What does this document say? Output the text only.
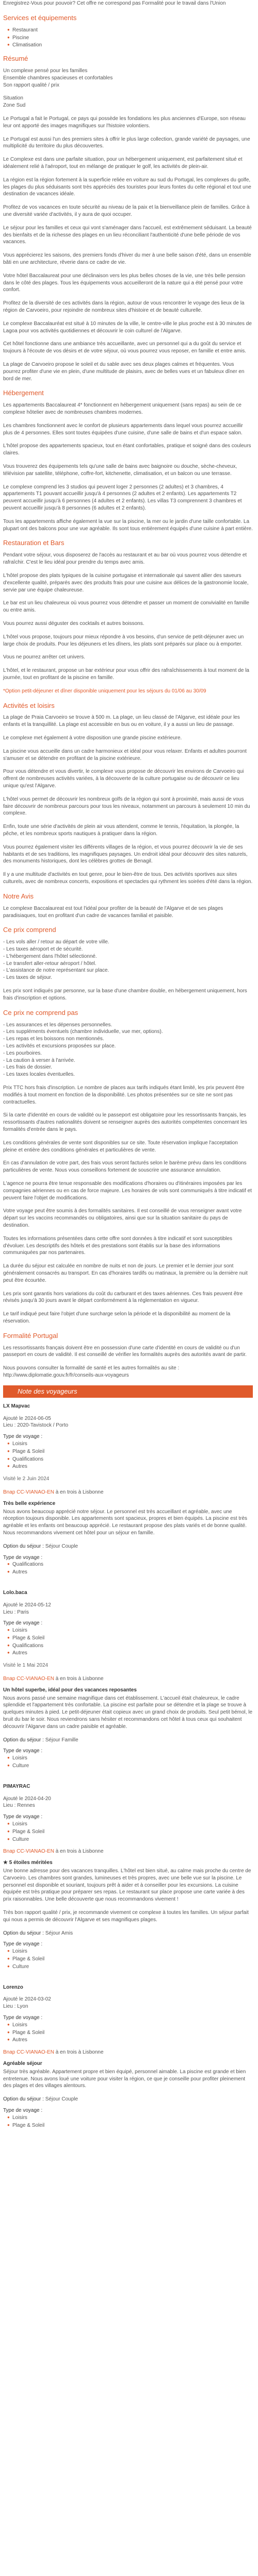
Enregistrez-Vous pour pouvoir? Cet offre ne correspond pas Formalité pour le travail dans l'Union

Services et équipements
● Restaurant
● Piscine
● Climatisation
Résumé

Un complexe pensé pour les familles
Ensemble chambres spacieuses et confortables
Son rapport qualité / prix

Situation
Zone Sud

Le Portugal a fait le Portugal, ce pays qui possède les fondations les plus anciennes d'Europe, son réseau leur ont apporté des images magnifiques sur l'histoire volontiers.

Le Portugal est aussi l'un des premiers sites à offrir le plus large collection, grande variété de paysages, une multiplicité du territoire du plus découvertes.

Le Complexe est dans une parfaite situation, pour un hébergement uniquement, est parfaitement situé et idéalement relié à l'aéroport, tout en mélange de pratiquer le golf, les activités de plein-air.

La région est la région fortement à la superficie reliée en voiture au sud du Portugal, les complexes du golfe, les plages du plus séduisants sont très appréciés des touristes pour leurs fontes du celte régional et tout une destination de vacances idéale.

Profitez de vos vacances en toute sécurité au niveau de la paix et la bienveillance plein de familles. Grâce à une diversité variée d'activités, il y aura de quoi occuper.

Le séjour pour les familles et ceux qui vont s'aménager dans l'accueil, est extrêmement séduisant. La beauté des bienfaits et de la richesse des plages en un lieu réconciliant l'authenticité d'une belle période de vos vacances.

Vous apprécierez les saisons, des premiers fonds d'hiver du mer à une belle saison d'été, dans un ensemble bâti en une architecture, rêverie dans ce cadre de vie.

Votre hôtel Baccalaureat pour une déclinaison vers les plus belles choses de la vie, une très belle pension dans le côté des plages. Tous les équipements vous accueilleront de la nature qui a été pensé pour votre confort.

Profitez de la diversité de ces activités dans la région, autour de vous rencontrer le voyage des lieux de la région de Carvoeiro, pour rejoindre de nombreux sites d'histoire et de beauté culturelle.

Le complexe Baccalauréat est situé à 10 minutes de la ville, le centre-ville le plus proche est à 30 minutes de Lagoa pour vos activités quotidiennes et découvrir le coin culturel de l'Algarve.

Cet hôtel fonctionne dans une ambiance très accueillante, avec un personnel qui a du goût du service et toujours à l'écoute de vos désirs et de votre séjour, où vous pourrez vous reposer, en famille et entre amis.

La plage de Carvoeiro propose le soleil et du sable avec ses deux plages calmes et fréquentes. Vous pourrez profiter d'une vie en plein, d'une multitude de plaisirs, avec de belles vues et un fabuleux dîner en bord de mer.

Hébergement

Les appartements Baccalaureat 4* fonctionnent en hébergement uniquement (sans repas) au sein de ce complexe hôtelier avec de nombreuses chambres modernes.

Les chambres fonctionnent avec le confort de plusieurs appartements dans lequel vous pourrez accueillir plus de 4 personnes. Elles sont toutes équipées d'une cuisine, d'une salle de bains et d'un espace salon.

L'hôtel propose des appartements spacieux, tout en étant confortables, pratique et soigné dans des couleurs claires.

Vous trouverez des équipements tels qu'une salle de bains avec baignoire ou douche, sèche-cheveux, télévision par satellite, téléphone, coffre-fort, kitchenette, climatisation, et un balcon ou une terrasse.

Le complexe comprend les 3 studios qui peuvent loger 2 personnes (2 adultes) et 3 chambres, 4 appartements T1 pouvant accueillir jusqu'à 4 personnes (2 adultes et 2 enfants). Les appartements T2 peuvent accueillir jusqu'à 6 personnes (4 adultes et 2 enfants). Les villas T3 comprennent 3 chambres et peuvent accueillir jusqu'à 8 personnes (6 adultes et 2 enfants).

Tous les appartements affiche également la vue sur la piscine, la mer ou le jardin d'une taille confortable. La plupart ont des balcons pour une vue agréable. Ils sont tous entièrement équipés d'une cuisine à part entière.

Restauration et Bars

Pendant votre séjour, vous disposerez de l'accès au restaurant et au bar où vous pourrez vous détendre et rafraîchir. C'est le lieu idéal pour prendre du temps avec amis.

L'hôtel propose des plats typiques de la cuisine portugaise et internationale qui savent allier des saveurs d'excellente qualité, préparés avec des produits frais pour une cuisine aux délices de la gastronomie locale, servie par une équipe chaleureuse.

Le bar est un lieu chaleureux où vous pourrez vous détendre et passer un moment de convivialité en famille ou entre amis.

Vous pourrez aussi déguster des cocktails et autres boissons.

L'hôtel vous propose, toujours pour mieux répondre à vos besoins, d'un service de petit-déjeuner avec un large choix de produits. Pour les déjeuners et les dîners, les plats sont préparés sur place ou à emporter.

Vous ne pourrez arrêter cet univers.

L'hôtel, et le restaurant, propose un bar extérieur pour vous offrir des rafraîchissements à tout moment de la journée, tout en profitant de la piscine en famille.

*Option petit-déjeuner et dîner disponible uniquement pour les séjours du 01/06 au 30/09

Activités et loisirs

La plage de Praia Carvoeiro se trouve à 500 m. La plage, un lieu classé de l'Algarve, est idéale pour les enfants et la tranquillité. La plage est accessible en bus ou en voiture, il y a aussi un lieu de passage.

Le complexe met également à votre disposition une grande piscine extérieure.

La piscine vous accueille dans un cadre harmonieux et idéal pour vous relaxer. Enfants et adultes pourront s'amuser et se détendre en profitant de la piscine extérieure.

Pour vous détendre et vous divertir, le complexe vous propose de découvrir les environs de Carvoeiro qui offrent de nombreuses activités variées, à la découverte de la culture portugaise ou de découvrir ce lieu unique qu'est l'Algarve.

L'hôtel vous permet de découvrir les nombreux golfs de la région qui sont à proximité, mais aussi de vous faire découvrir de nombreux parcours pour tous les niveaux, notamment un parcours à seulement 10 min du complexe.

Enfin, toute une série d'activités de plein air vous attendent, comme le tennis, l'équitation, la plongée, la pêche, et les nombreux sports nautiques à pratiquer dans la région.

Vous pourrez également visiter les différents villages de la région, et vous pourrez découvrir la vie de ses habitants et de ses traditions, les magnifiques paysages. Un endroit idéal pour découvrir des sites naturels, des monuments historiques, dont les célèbres grottes de Benagil.

Il y a une multitude d'activités en tout genre, pour le bien-être de tous. Des activités sportives aux sites culturels, avec de nombreux concerts, expositions et spectacles qui rythment les soirées d'été dans la région.

Notre Avis

Le complexe Baccalaureat est tout l'idéal pour profiter de la beauté de l'Algarve et de ses plages paradisiaques, tout en profitant d'un cadre de vacances familial et paisible.

Ce prix comprend

- Les vols aller / retour au départ de votre ville.
- Les taxes aéroport et de sécurité.
- L'hébergement dans l'hôtel sélectionné.
- Le transfert aller-retour aéroport / hôtel.
- L'assistance de notre représentant sur place.
- Les taxes de séjour.

Les prix sont indiqués par personne, sur la base d'une chambre double, en hébergement uniquement, hors frais d'inscription et options.

Ce prix ne comprend pas

- Les assurances et les dépenses personnelles.
- Les suppléments éventuels (chambre individuelle, vue mer, options).
- Les repas et les boissons non mentionnés.
- Les activités et excursions proposées sur place.
- Les pourboires.
- La caution à verser à l'arrivée.
- Les frais de dossier.
- Les taxes locales éventuelles.

Prix TTC hors frais d'inscription. Le nombre de places aux tarifs indiqués étant limité, les prix peuvent être modifiés à tout moment en fonction de la disponibilité. Les photos présentées sur ce site ne sont pas contractuelles.

Si la carte d'identité en cours de validité ou le passeport est obligatoire pour les ressortissants français, les ressortissants d'autres nationalités doivent se renseigner auprès des autorités compétentes concernant les formalités d'entrée dans le pays.

Les conditions générales de vente sont disponibles sur ce site. Toute réservation implique l'acceptation pleine et entière des conditions générales et particulières de vente.

En cas d'annulation de votre part, des frais vous seront facturés selon le barème prévu dans les conditions particulières de vente. Nous vous conseillons fortement de souscrire une assurance annulation.

L'agence ne pourra être tenue responsable des modifications d'horaires ou d'itinéraires imposées par les compagnies aériennes ou en cas de force majeure. Les horaires de vols sont communiqués à titre indicatif et peuvent faire l'objet de modifications.

Votre voyage peut être soumis à des formalités sanitaires. Il est conseillé de vous renseigner avant votre départ sur les vaccins recommandés ou obligatoires, ainsi que sur la situation sanitaire du pays de destination.

Toutes les informations présentées dans cette offre sont données à titre indicatif et sont susceptibles d'évoluer. Les descriptifs des hôtels et des prestations sont établis sur la base des informations communiquées par nos partenaires.

La durée du séjour est calculée en nombre de nuits et non de jours. Le premier et le dernier jour sont généralement consacrés au transport. En cas d'horaires tardifs ou matinaux, la première ou la dernière nuit peut être écourtée.

Les prix sont garantis hors variations du coût du carburant et des taxes aériennes. Ces frais peuvent être révisés jusqu'à 30 jours avant le départ conformément à la réglementation en vigueur.

Le tarif indiqué peut faire l'objet d'une surcharge selon la période et la disponibilité au moment de la réservation.

Formalité Portugal

Les ressortissants français doivent être en possession d'une carte d'identité en cours de validité ou d'un passeport en cours de validité. Il est conseillé de vérifier les formalités auprès des autorités avant de partir.

Nous pouvons consulter la formalité de santé et les autres formalités au site : http://www.diplomatie.gouv.fr/fr/conseils-aux-voyageurs

Note des voyageurs
LX Mapvac
Ajouté le 2024-06-05
Lieu : 2020-Tavistock / Porto
Type de voyage :
● Loisirs
● Plage & Soleil
● Qualifications
● Autres

Visité le 2 Juin 2024

Bnap CC-VIANAO-EN à en trois à Lisbonne

Très belle expérience

Nous avons beaucoup apprécié notre séjour. Le personnel est très accueillant et agréable, avec une réception toujours disponible. Les appartements sont spacieux, propres et bien équipés. La piscine est très agréable et les enfants ont beaucoup apprécié. Le restaurant propose des plats variés et de bonne qualité. Nous recommandons vivement cet hôtel pour un séjour en famille.

Option du séjour : Séjour Couple

Type de voyage :
● Qualifications
● Autres
Lolo.baca
Ajouté le 2024-05-12
Lieu : Paris
Type de voyage :
● Loisirs
● Plage & Soleil
● Qualifications
● Autres

Visité le 1 Mai 2024

Bnap CC-VIANAO-EN à en trois à Lisbonne

Un hôtel superbe, idéal pour des vacances reposantes

Nous avons passé une semaine magnifique dans cet établissement. L'accueil était chaleureux, le cadre splendide et l'appartement très confortable. La piscine est parfaite pour se détendre et la plage se trouve à quelques minutes à pied. Le petit-déjeuner était copieux avec un grand choix de produits. Seul petit bémol, le bruit du bar le soir. Nous reviendrons sans hésiter et recommandons cet hôtel à tous ceux qui souhaitent découvrir l'Algarve dans un cadre paisible et agréable.

Option du séjour : Séjour Famille

Type de voyage :
● Loisirs
● Culture
PIMAYRAC
Ajouté le 2024-04-20
Lieu : Rennes
Type de voyage :
● Loisirs
● Plage & Soleil
● Culture

Bnap CC-VIANAO-EN à en trois à Lisbonne

★ 5 étoiles méritées

Une bonne adresse pour des vacances tranquilles. L'hôtel est bien situé, au calme mais proche du centre de Carvoeiro. Les chambres sont grandes, lumineuses et très propres, avec une belle vue sur la piscine. Le personnel est disponible et souriant, toujours prêt à aider et à conseiller pour les excursions. La cuisine équipée est très pratique pour préparer ses repas. Le restaurant sur place propose une carte variée à des prix raisonnables. Une belle découverte que nous recommandons vivement !

Très bon rapport qualité / prix, je recommande vivement ce complexe à toutes les familles. Un séjour parfait qui nous a permis de découvrir l'Algarve et ses magnifiques plages.

Option du séjour : Séjour Amis

Type de voyage :
● Loisirs
● Plage & Soleil
● Culture
Lorenzo
Ajouté le 2024-03-02
Lieu : Lyon
Type de voyage :
● Loisirs
● Plage & Soleil
● Autres

Bnap CC-VIANAO-EN à en trois à Lisbonne

Agréable séjour

Séjour très agréable. Appartement propre et bien équipé, personnel aimable. La piscine est grande et bien entretenue. Nous avons loué une voiture pour visiter la région, ce que je conseille pour profiter pleinement des plages et des villages alentours.

Option du séjour : Séjour Couple

Type de voyage :
● Loisirs
● Plage & Soleil
